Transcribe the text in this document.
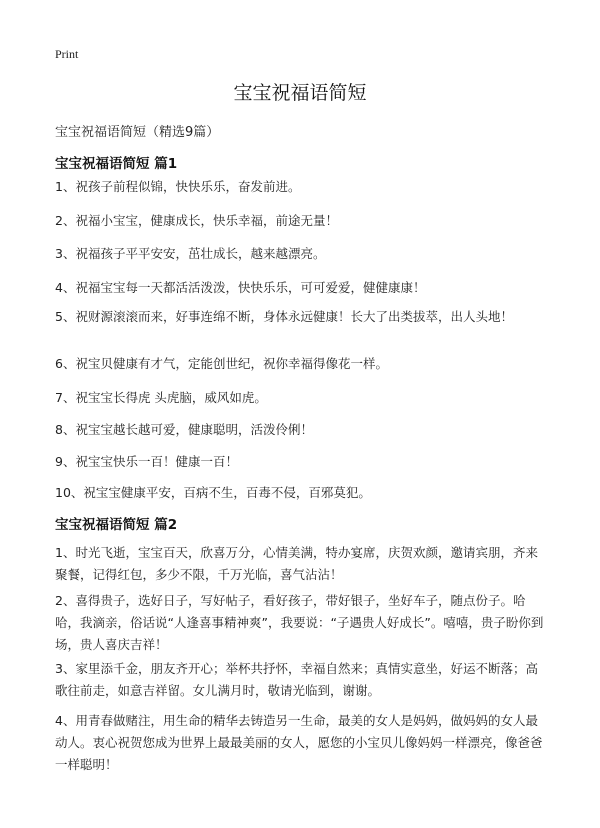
Print
宝宝祝福语简短
宝宝祝福语简短（精选9篇）
宝宝祝福语简短 篇1

1、祝孩子前程似锦，快快乐乐，奋发前进。

2、祝福小宝宝，健康成长，快乐幸福，前途无量！

3、祝福孩子平平安安，茁壮成长，越来越漂亮。

4、祝福宝宝每一天都活活泼泼，快快乐乐，可可爱爱，健健康康！

5、祝财源滚滚而来，好事连绵不断，身体永远健康！长大了出类拔萃，出人头地！

6、祝宝贝健康有才气，定能创世纪，祝你幸福得像花一样。

7、祝宝宝长得虎 头虎脑，威风如虎。

8、祝宝宝越长越可爱，健康聪明，活泼伶俐！

9、祝宝宝快乐一百！健康一百！

10、祝宝宝健康平安，百病不生，百毒不侵，百邪莫犯。

宝宝祝福语简短 篇2

1、时光飞逝，宝宝百天，欣喜万分，心情美满，特办宴席，庆贺欢颜，邀请宾朋，齐来聚餐，记得红包，多少不限，千万光临，喜气沾沾！

2、喜得贵子，选好日子，写好帖子，看好孩子，带好银子，坐好车子，随点份子。哈哈，我滴亲，俗话说“人逢喜事精神爽”，我要说：“子遇贵人好成长”。嘻嘻，贵子盼你到场，贵人喜庆吉祥！

3、家里添千金，朋友齐开心；举杯共抒怀，幸福自然来；真情实意坐，好运不断落；高歌往前走，如意吉祥留。女儿满月时，敬请光临到，谢谢。

4、用青春做赌注，用生命的精华去铸造另一生命，最美的女人是妈妈，做妈妈的女人最动人。衷心祝贺您成为世界上最最美丽的女人，愿您的小宝贝儿像妈妈一样漂亮，像爸爸一样聪明！
